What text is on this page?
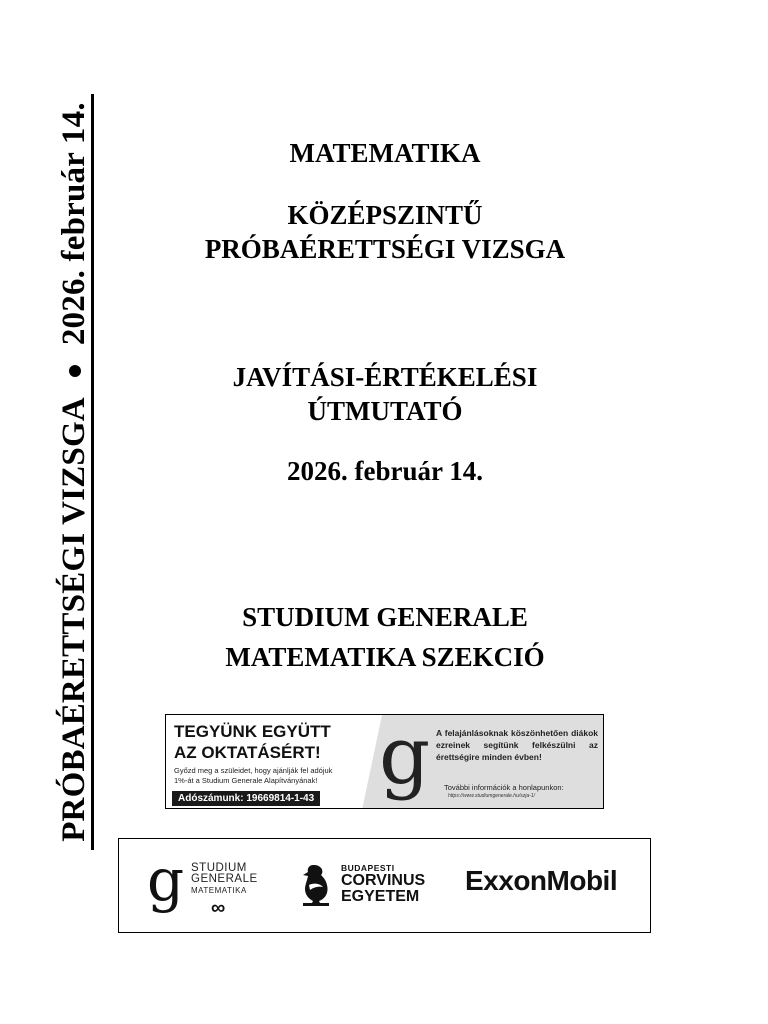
PRÓBAÉRETTSÉGI VIZSGA
2026. február 14.	MATEMATIKA
KÖZÉPSZINTŰ
PRÓBAÉRETTSÉGI VIZSGA
JAVÍTÁSI-ÉRTÉKELÉSI
ÚTMUTATÓ
2026. február 14.
STUDIUM GENERALE
MATEMATIKA SZEKCIÓ
TEGYÜNK EGYÜTT
AZ OKTATÁSÉRT!
Győzd meg a szüleidet, hogy ajánlják fel adójuk
1%-át a Studium Generale Alapítványának!
Adószámunk: 19669814-1-43 g A felajánlásoknak köszönhetően diákok ezreinek segítünk felkészülni az érettségire minden évben!
További információk a honlapunkon:
https://www.studiumgenerale.hu/szja-1/
g STUDIUM
GENERALE
MATEMATIKA
∞
BUDAPESTI
CORVINUS
EGYETEM
ExxonMobil
